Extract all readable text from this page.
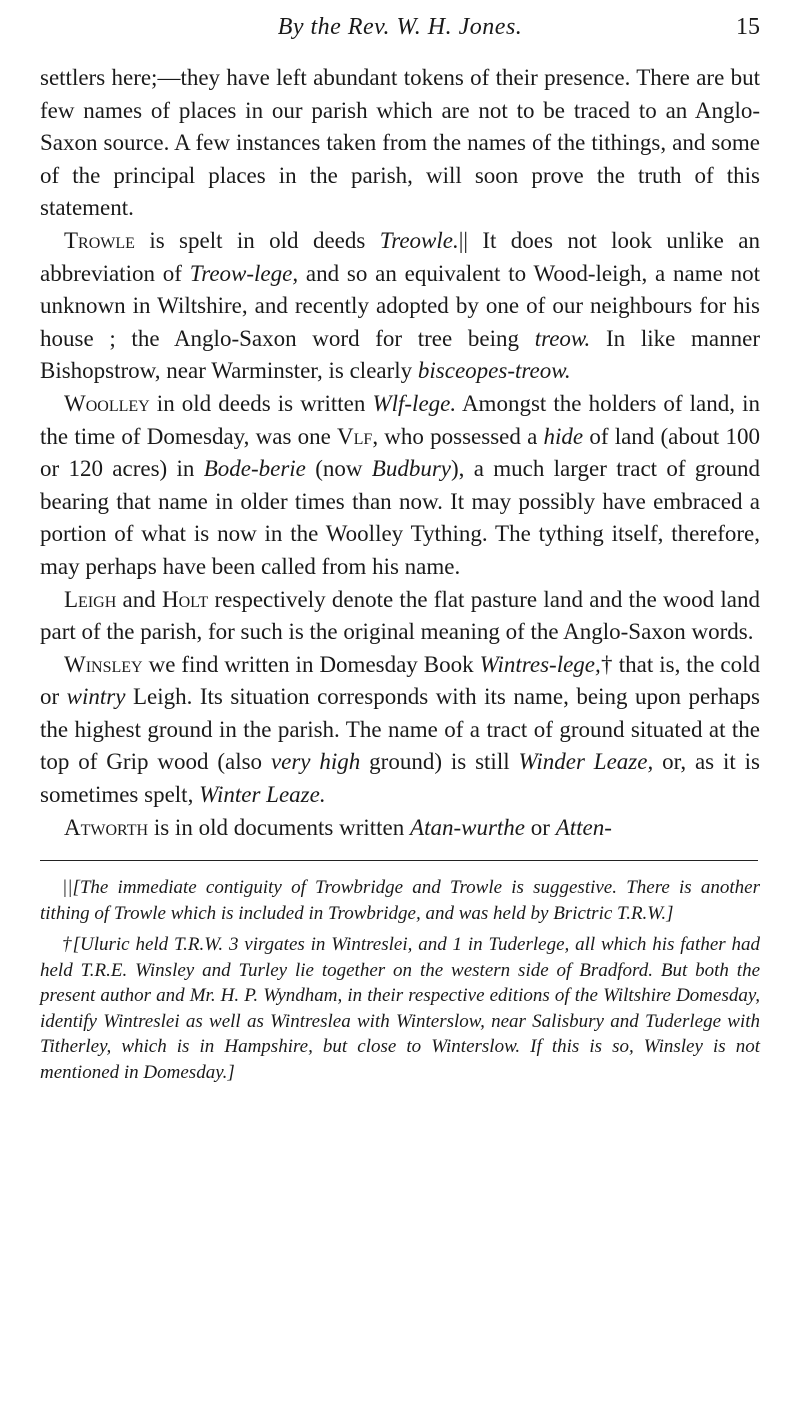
By the Rev. W. H. Jones.	15

settlers here;—they have left abundant tokens of their presence. There are but few names of places in our parish which are not to be traced to an Anglo-Saxon source. A few instances taken from the names of the tithings, and some of the principal places in the parish, will soon prove the truth of this statement.

Trowle is spelt in old deeds Treowle.|| It does not look unlike an abbreviation of Treow-lege, and so an equivalent to Wood-leigh, a name not unknown in Wiltshire, and recently adopted by one of our neighbours for his house ; the Anglo-Saxon word for tree being treow. In like manner Bishopstrow, near Warminster, is clearly bisceopes-treow.

Woolley in old deeds is written Wlf-lege. Amongst the holders of land, in the time of Domesday, was one Vlf, who possessed a hide of land (about 100 or 120 acres) in Bode-berie (now Budbury), a much larger tract of ground bearing that name in older times than now. It may possibly have embraced a portion of what is now in the Woolley Tything. The tything itself, therefore, may perhaps have been called from his name.

Leigh and Holt respectively denote the flat pasture land and the wood land part of the parish, for such is the original meaning of the Anglo-Saxon words.

Winsley we find written in Domesday Book Wintres-lege,† that is, the cold or wintry Leigh. Its situation corresponds with its name, being upon perhaps the highest ground in the parish. The name of a tract of ground situated at the top of Grip wood (also very high ground) is still Winder Leaze, or, as it is sometimes spelt, Winter Leaze.

Atworth is in old documents written Atan-wurthe or Atten-

||[The immediate contiguity of Trowbridge and Trowle is suggestive. There is another tithing of Trowle which is included in Trowbridge, and was held by Brictric T.R.W.]

†[Uluric held T.R.W. 3 virgates in Wintreslei, and 1 in Tuderlege, all which his father had held T.R.E. Winsley and Turley lie together on the western side of Bradford. But both the present author and Mr. H. P. Wyndham, in their respective editions of the Wiltshire Domesday, identify Wintreslei as well as Wintreslea with Winterslow, near Salisbury and Tuderlege with Titherley, which is in Hampshire, but close to Winterslow. If this is so, Winsley is not mentioned in Domesday.]
